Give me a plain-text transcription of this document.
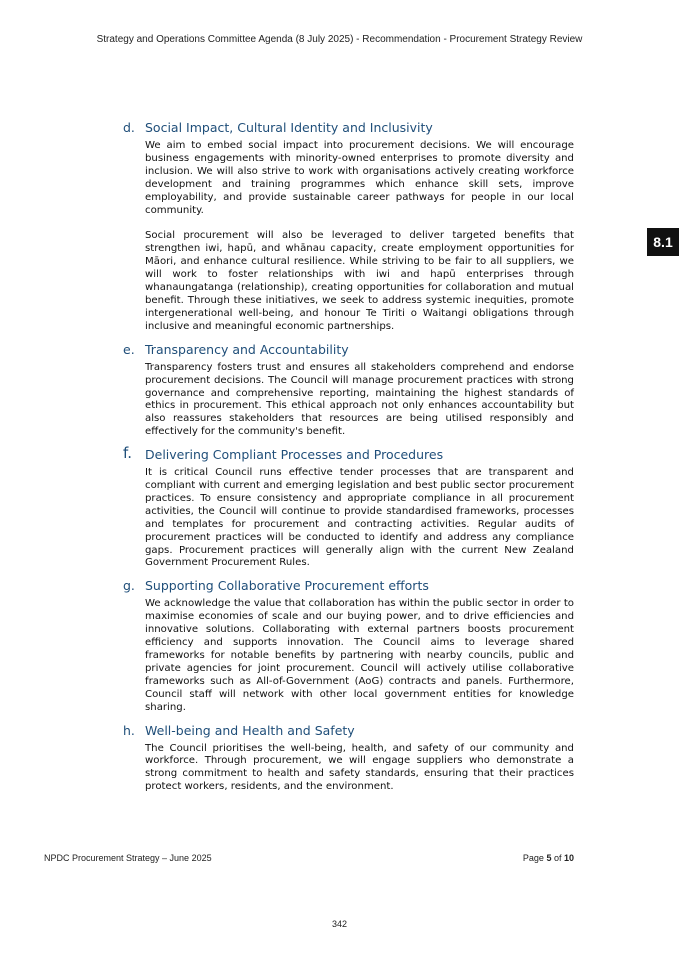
Strategy and Operations Committee Agenda (8 July 2025) - Recommendation - Procurement Strategy Review
8.1
d. Social Impact, Cultural Identity and Inclusivity

We aim to embed social impact into procurement decisions. We will encourage business engagements with minority-owned enterprises to promote diversity and inclusion. We will also strive to work with organisations actively creating workforce development and training programmes which enhance skill sets, improve employability, and provide sustainable career pathways for people in our local community.

Social procurement will also be leveraged to deliver targeted benefits that strengthen iwi, hapū, and whānau capacity, create employment opportunities for Māori, and enhance cultural resilience. While striving to be fair to all suppliers, we will work to foster relationships with iwi and hapū enterprises through whanaungatanga (relationship), creating opportunities for collaboration and mutual benefit. Through these initiatives, we seek to address systemic inequities, promote intergenerational well-being, and honour Te Tiriti o Waitangi obligations through inclusive and meaningful economic partnerships.

e. Transparency and Accountability

Transparency fosters trust and ensures all stakeholders comprehend and endorse procurement decisions. The Council will manage procurement practices with strong governance and comprehensive reporting, maintaining the highest standards of ethics in procurement. This ethical approach not only enhances accountability but also reassures stakeholders that resources are being utilised responsibly and effectively for the community's benefit.

f. Delivering Compliant Processes and Procedures

It is critical Council runs effective tender processes that are transparent and compliant with current and emerging legislation and best public sector procurement practices. To ensure consistency and appropriate compliance in all procurement activities, the Council will continue to provide standardised frameworks, processes and templates for procurement and contracting activities. Regular audits of procurement practices will be conducted to identify and address any compliance gaps. Procurement practices will generally align with the current New Zealand Government Procurement Rules.

g. Supporting Collaborative Procurement efforts

We acknowledge the value that collaboration has within the public sector in order to maximise economies of scale and our buying power, and to drive efficiencies and innovative solutions. Collaborating with external partners boosts procurement efficiency and supports innovation. The Council aims to leverage shared frameworks for notable benefits by partnering with nearby councils, public and private agencies for joint procurement. Council will actively utilise collaborative frameworks such as All-of-Government (AoG) contracts and panels. Furthermore, Council staff will network with other local government entities for knowledge sharing.

h. Well-being and Health and Safety

The Council prioritises the well-being, health, and safety of our community and workforce. Through procurement, we will engage suppliers who demonstrate a strong commitment to health and safety standards, ensuring that their practices protect workers, residents, and the environment.

NPDC Procurement Strategy – June 2025	Page 5 of 10
342
